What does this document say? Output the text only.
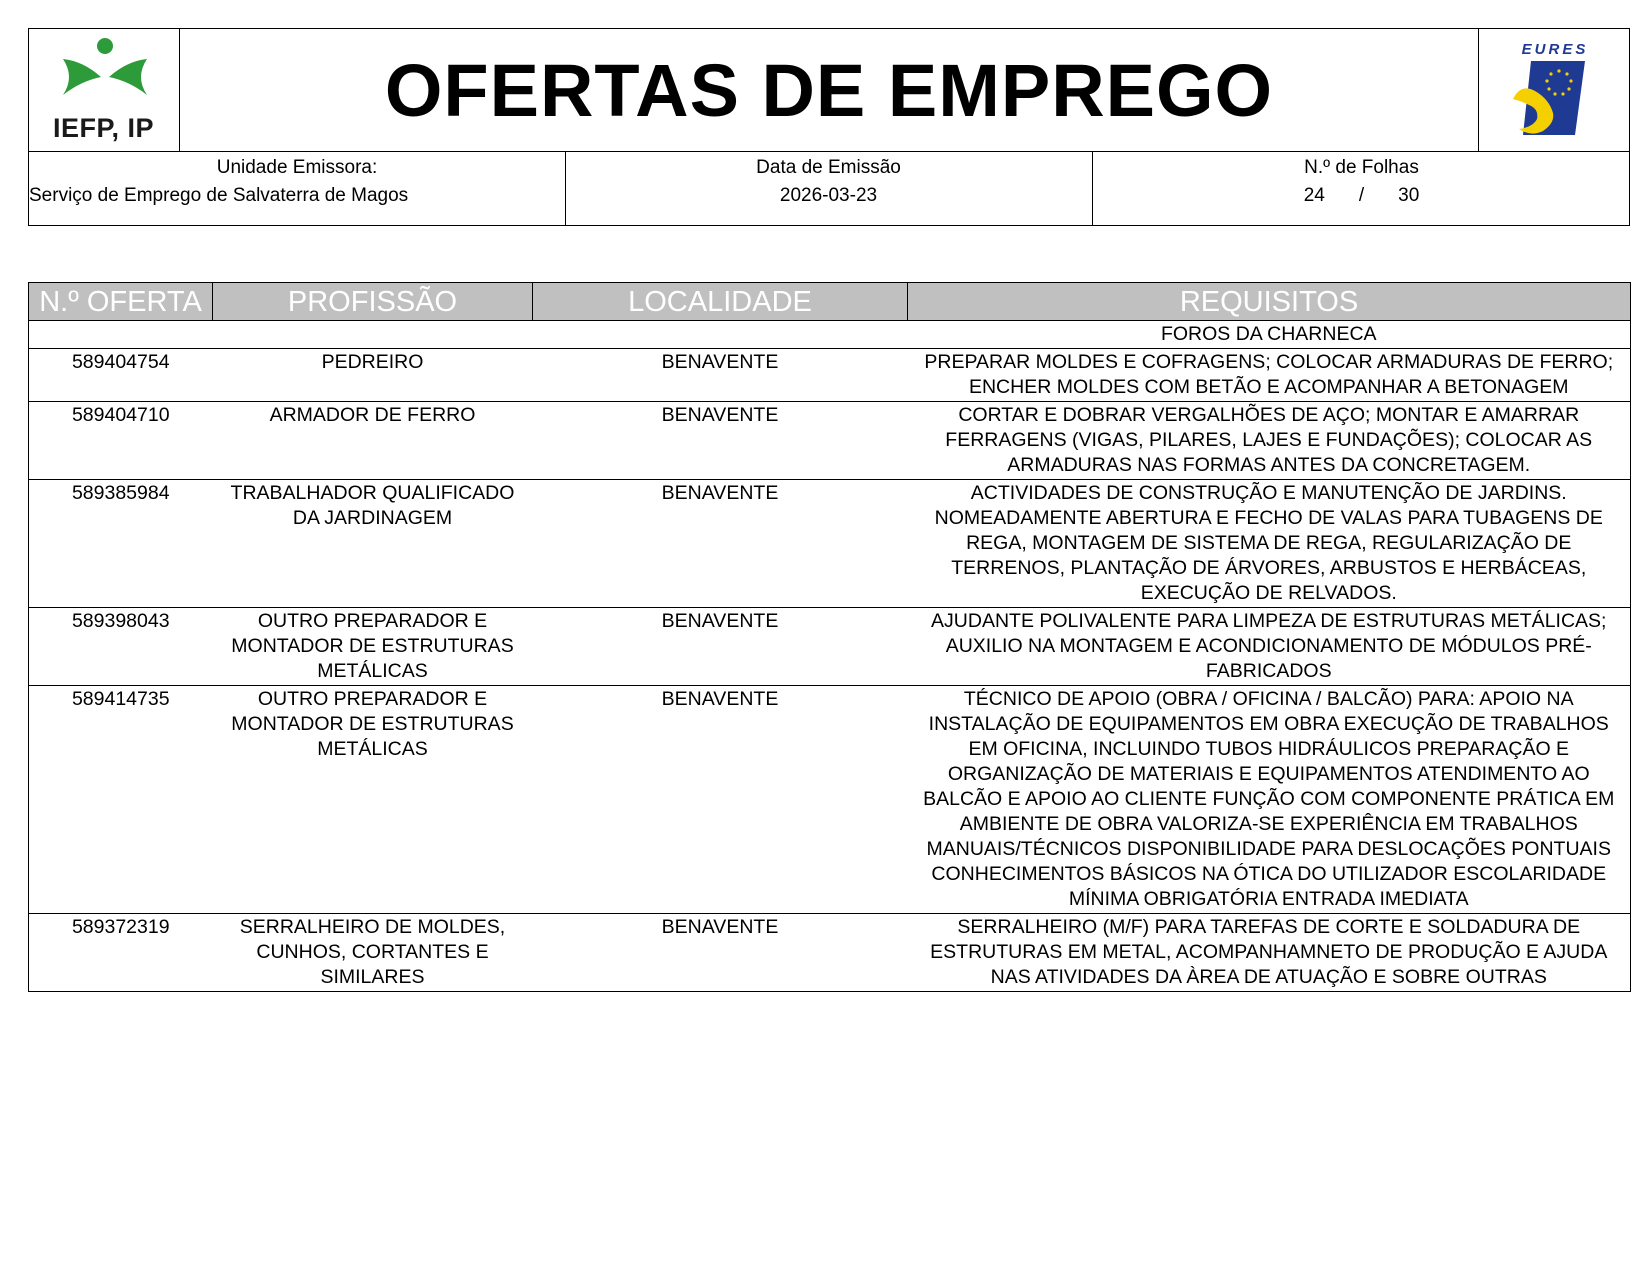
IEFP, IP	OFERTAS DE EMPREGO	EURES
Unidade Emissora:
Serviço de Emprego de Salvaterra de Magos
Data de Emissão
2026-03-23
N.º de Folhas
24 / 30
N.º OFERTA	PROFISSÃO	LOCALIDADE	REQUISITOS
			FOROS DA CHARNECA
589404754	PEDREIRO	BENAVENTE	PREPARAR MOLDES E COFRAGENS; COLOCAR ARMADURAS DE FERRO; ENCHER MOLDES COM BETÃO E ACOMPANHAR A BETONAGEM
589404710	ARMADOR DE FERRO	BENAVENTE	CORTAR E DOBRAR VERGALHÕES DE AÇO; MONTAR E AMARRAR FERRAGENS (VIGAS, PILARES, LAJES E FUNDAÇÕES); COLOCAR AS ARMADURAS NAS FORMAS ANTES DA CONCRETAGEM.
589385984	TRABALHADOR QUALIFICADO DA JARDINAGEM	BENAVENTE	ACTIVIDADES DE CONSTRUÇÃO E MANUTENÇÃO DE JARDINS. NOMEADAMENTE ABERTURA E FECHO DE VALAS PARA TUBAGENS DE REGA, MONTAGEM DE SISTEMA DE REGA, REGULARIZAÇÃO DE TERRENOS, PLANTAÇÃO DE ÁRVORES, ARBUSTOS E HERBÁCEAS, EXECUÇÃO DE RELVADOS.
589398043	OUTRO PREPARADOR E MONTADOR DE ESTRUTURAS METÁLICAS	BENAVENTE	AJUDANTE POLIVALENTE PARA LIMPEZA DE ESTRUTURAS METÁLICAS; AUXILIO NA MONTAGEM E ACONDICIONAMENTO DE MÓDULOS PRÉ-FABRICADOS
589414735	OUTRO PREPARADOR E MONTADOR DE ESTRUTURAS METÁLICAS	BENAVENTE	TÉCNICO DE APOIO (OBRA / OFICINA / BALCÃO) PARA: APOIO NA INSTALAÇÃO DE EQUIPAMENTOS EM OBRA EXECUÇÃO DE TRABALHOS EM OFICINA, INCLUINDO TUBOS HIDRÁULICOS PREPARAÇÃO E ORGANIZAÇÃO DE MATERIAIS E EQUIPAMENTOS ATENDIMENTO AO BALCÃO E APOIO AO CLIENTE FUNÇÃO COM COMPONENTE PRÁTICA EM AMBIENTE DE OBRA VALORIZA-SE EXPERIÊNCIA EM TRABALHOS MANUAIS/TÉCNICOS DISPONIBILIDADE PARA DESLOCAÇÕES PONTUAIS CONHECIMENTOS BÁSICOS NA ÓTICA DO UTILIZADOR ESCOLARIDADE MÍNIMA OBRIGATÓRIA ENTRADA IMEDIATA
589372319	SERRALHEIRO DE MOLDES, CUNHOS, CORTANTES E SIMILARES	BENAVENTE	SERRALHEIRO (M/F) PARA TAREFAS DE CORTE E SOLDADURA DE ESTRUTURAS EM METAL, ACOMPANHAMNETO DE PRODUÇÃO E AJUDA NAS ATIVIDADES DA ÀREA DE ATUAÇÃO E SOBRE OUTRAS
